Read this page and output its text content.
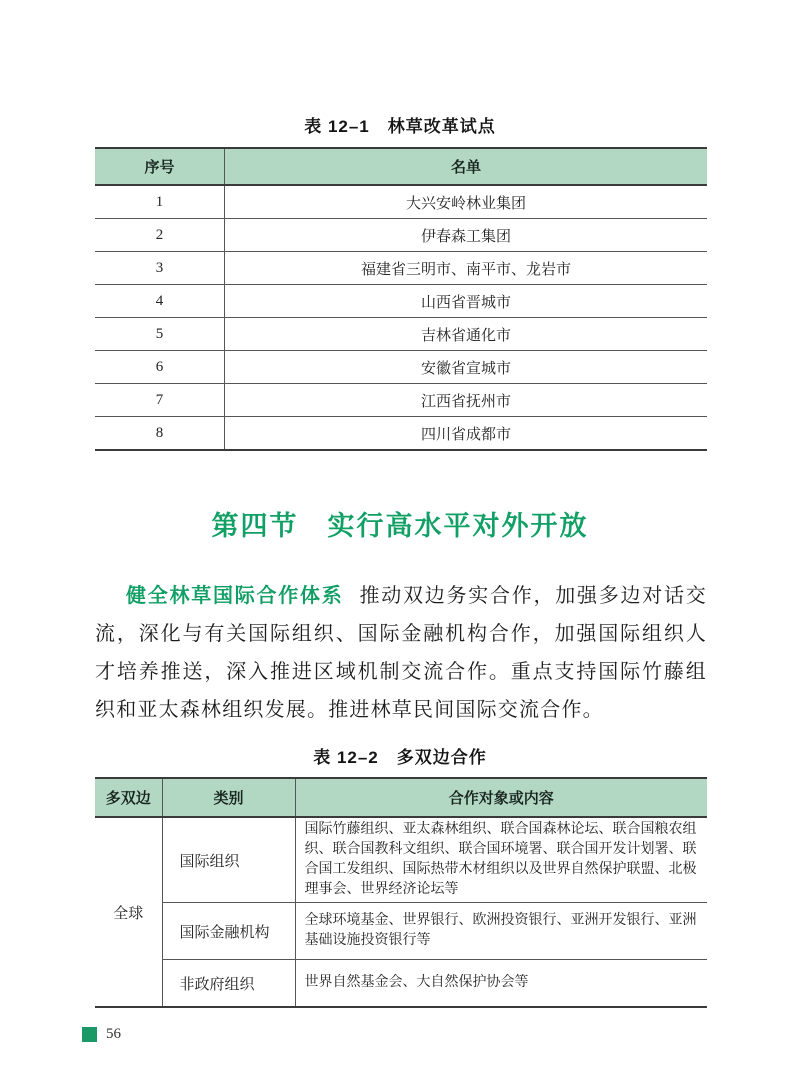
表 12–1　林草改革试点
序号	名单
1	大兴安岭林业集团
2	伊春森工集团
3	福建省三明市、南平市、龙岩市
4	山西省晋城市
5	吉林省通化市
6	安徽省宣城市
7	江西省抚州市
8	四川省成都市
第四节　实行高水平对外开放

健全林草国际合作体系 推动双边务实合作，加强多边对话交流，深化与有关国际组织、国际金融机构合作，加强国际组织人才培养推送，深入推进区域机制交流合作。重点支持国际竹藤组织和亚太森林组织发展。推进林草民间国际交流合作。

表 12–2　多双边合作
多双边	类别	合作对象或内容
全球	国际组织	国际竹藤组织、亚太森林组织、联合国森林论坛、联合国粮农组织、联合国教科文组织、联合国环境署、联合国开发计划署、联合国工发组织、国际热带木材组织以及世界自然保护联盟、北极理事会、世界经济论坛等
	国际金融机构	全球环境基金、世界银行、欧洲投资银行、亚洲开发银行、亚洲基础设施投资银行等
	非政府组织	世界自然基金会、大自然保护协会等
56
